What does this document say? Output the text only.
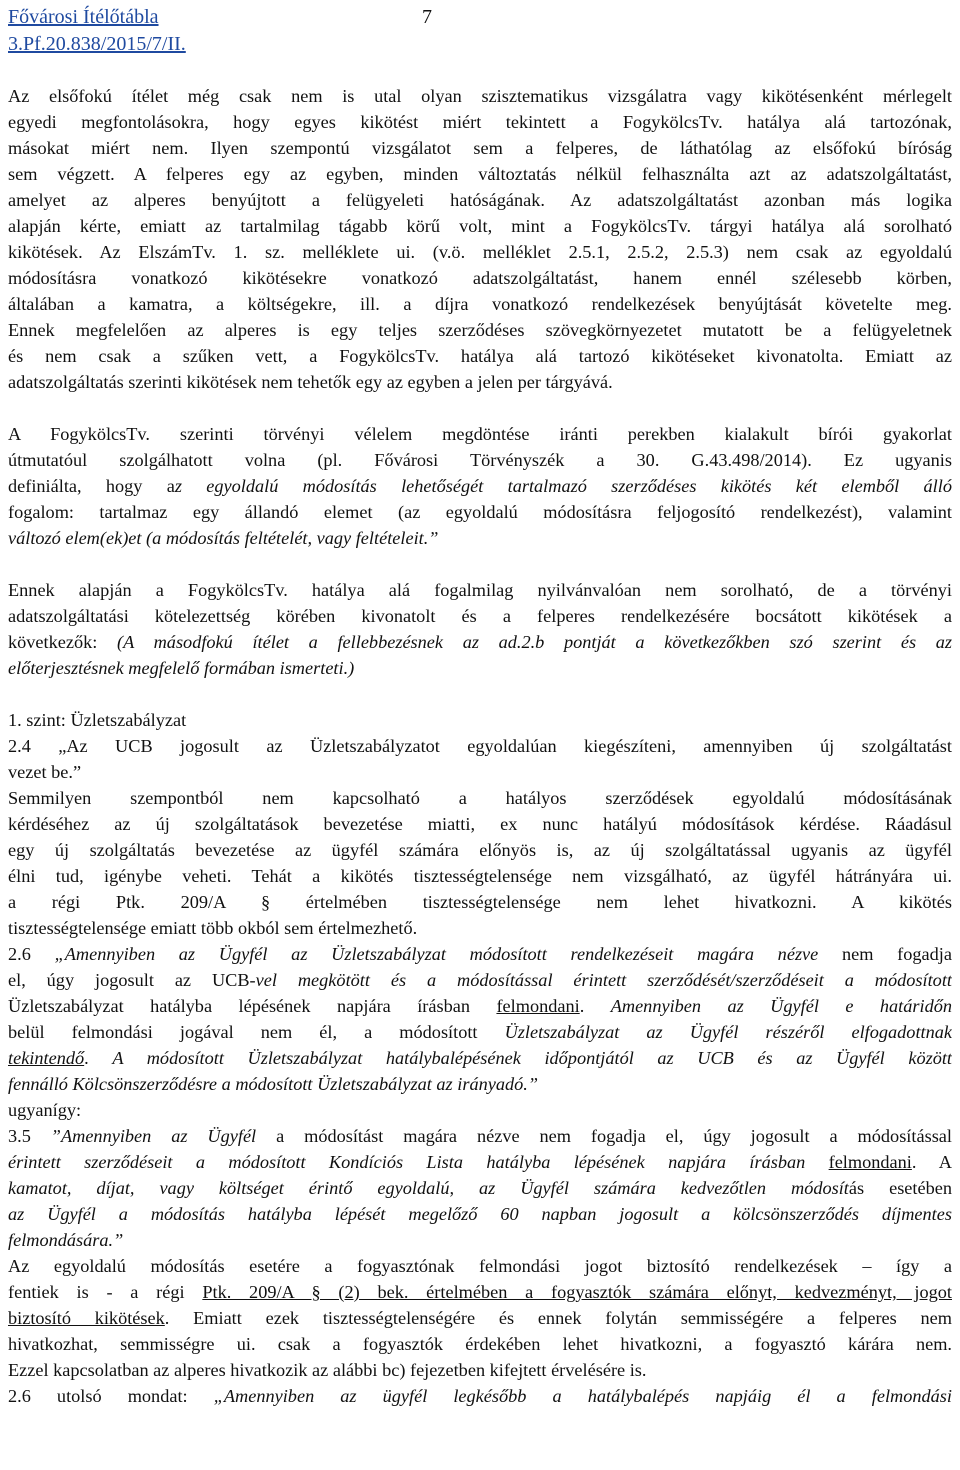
Fővárosi Ítélőtábla
3.Pf.20.838/2015/7/II.
7
Az elsőfokú ítélet még csak nem is utal olyan szisztematikus vizsgálatra vagy kikötésenként mérlegelt
egyedi megfontolásokra, hogy egyes kikötést miért tekintett a FogykölcsTv. hatálya alá tartozónak,
másokat miért nem. Ilyen szempontú vizsgálatot sem a felperes, de láthatólag az elsőfokú bíróság
sem végzett. A felperes egy az egyben, minden változtatás nélkül felhasználta azt az adatszolgáltatást,
amelyet az alperes benyújtott a felügyeleti hatóságának. Az adatszolgáltatást azonban más logika
alapján kérte, emiatt az tartalmilag tágabb körű volt, mint a FogykölcsTv. tárgyi hatálya alá sorolható
kikötések. Az ElszámTv. 1. sz. melléklete ui. (v.ö. melléklet 2.5.1, 2.5.2, 2.5.3) nem csak az egyoldalú
módosításra vonatkozó kikötésekre vonatkozó adatszolgáltatást, hanem ennél szélesebb körben,
általában a kamatra, a költségekre, ill. a díjra vonatkozó rendelkezések benyújtását követelte meg.
Ennek megfelelően az alperes is egy teljes szerződéses szövegkörnyezetet mutatott be a felügyeletnek
és nem csak a szűken vett, a FogykölcsTv. hatálya alá tartozó kikötéseket kivonatolta. Emiatt az
adatszolgáltatás szerinti kikötések nem tehetők egy az egyben a jelen per tárgyává.
A FogykölcsTv. szerinti törvényi vélelem megdöntése iránti perekben kialakult bírói gyakorlat
útmutatóul szolgálhatott volna (pl. Fővárosi Törvényszék a 30. G.43.498/2014). Ez ugyanis
definiálta, hogy az egyoldalú módosítás lehetőségét tartalmazó szerződéses kikötés két elemből álló
fogalom: tartalmaz egy állandó elemet (az egyoldalú módosításra feljogosító rendelkezést), valamint
változó elem(ek)et (a módosítás feltételét, vagy feltételeit.”
Ennek alapján a FogykölcsTv. hatálya alá fogalmilag nyilvánvalóan nem sorolható, de a törvényi
adatszolgáltatási kötelezettség körében kivonatolt és a felperes rendelkezésére bocsátott kikötések a
következők: (A másodfokú ítélet a fellebbezésnek az ad.2.b pontját a következőkben szó szerint és az
előterjesztésnek megfelelő formában ismerteti.)
1. szint: Üzletszabályzat
2.4 „Az UCB jogosult az Üzletszabályzatot egyoldalúan kiegészíteni, amennyiben új szolgáltatást
vezet be.”
Semmilyen szempontból nem kapcsolható a hatályos szerződések egyoldalú módosításának
kérdéséhez az új szolgáltatások bevezetése miatti, ex nunc hatályú módosítások kérdése. Ráadásul
egy új szolgáltatás bevezetése az ügyfél számára előnyös is, az új szolgáltatással ugyanis az ügyfél
élni tud, igénybe veheti. Tehát a kikötés tisztességtelensége nem vizsgálható, az ügyfél hátrányára ui.
a régi Ptk. 209/A § értelmében tisztességtelensége nem lehet hivatkozni. A kikötés
tisztességtelensége emiatt több okból sem értelmezhető.
2.6 „Amennyiben az Ügyfél az Üzletszabályzat módosított rendelkezéseit magára nézve nem fogadja
el, úgy jogosult az UCB-vel megkötött és a módosítással érintett szerződését/szerződéseit a módosított
Üzletszabályzat hatályba lépésének napjára írásban felmondani. Amennyiben az Ügyfél e határidőn
belül felmondási jogával nem él, a módosított Üzletszabályzat az Ügyfél részéről elfogadottnak
tekintendő. A módosított Üzletszabályzat hatálybalépésének időpontjától az UCB és az Ügyfél között
fennálló Kölcsönszerződésre a módosított Üzletszabályzat az irányadó.”
ugyanígy:
3.5 ”Amennyiben az Ügyfél a módosítást magára nézve nem fogadja el, úgy jogosult a módosítással
érintett szerződéseit a módosított Kondíciós Lista hatályba lépésének napjára írásban felmondani. A
kamatot, díjat, vagy költséget érintő egyoldalú, az Ügyfél számára kedvezőtlen módosítás esetében
az Ügyfél a módosítás hatályba lépését megelőző 60 napban jogosult a kölcsönszerződés díjmentes
felmondására.”
Az egyoldalú módosítás esetére a fogyasztónak felmondási jogot biztosító rendelkezések – így a
fentiek is - a régi Ptk. 209/A § (2) bek. értelmében a fogyasztók számára előnyt, kedvezményt, jogot
biztosító kikötések. Emiatt ezek tisztességtelenségére és ennek folytán semmisségére a felperes nem
hivatkozhat, semmisségre ui. csak a fogyasztók érdekében lehet hivatkozni, a fogyasztó kárára nem.
Ezzel kapcsolatban az alperes hivatkozik az alábbi bc) fejezetben kifejtett érvelésére is.
2.6 utolsó mondat: „Amennyiben az ügyfél legkésőbb a hatálybalépés napjáig él a felmondási
